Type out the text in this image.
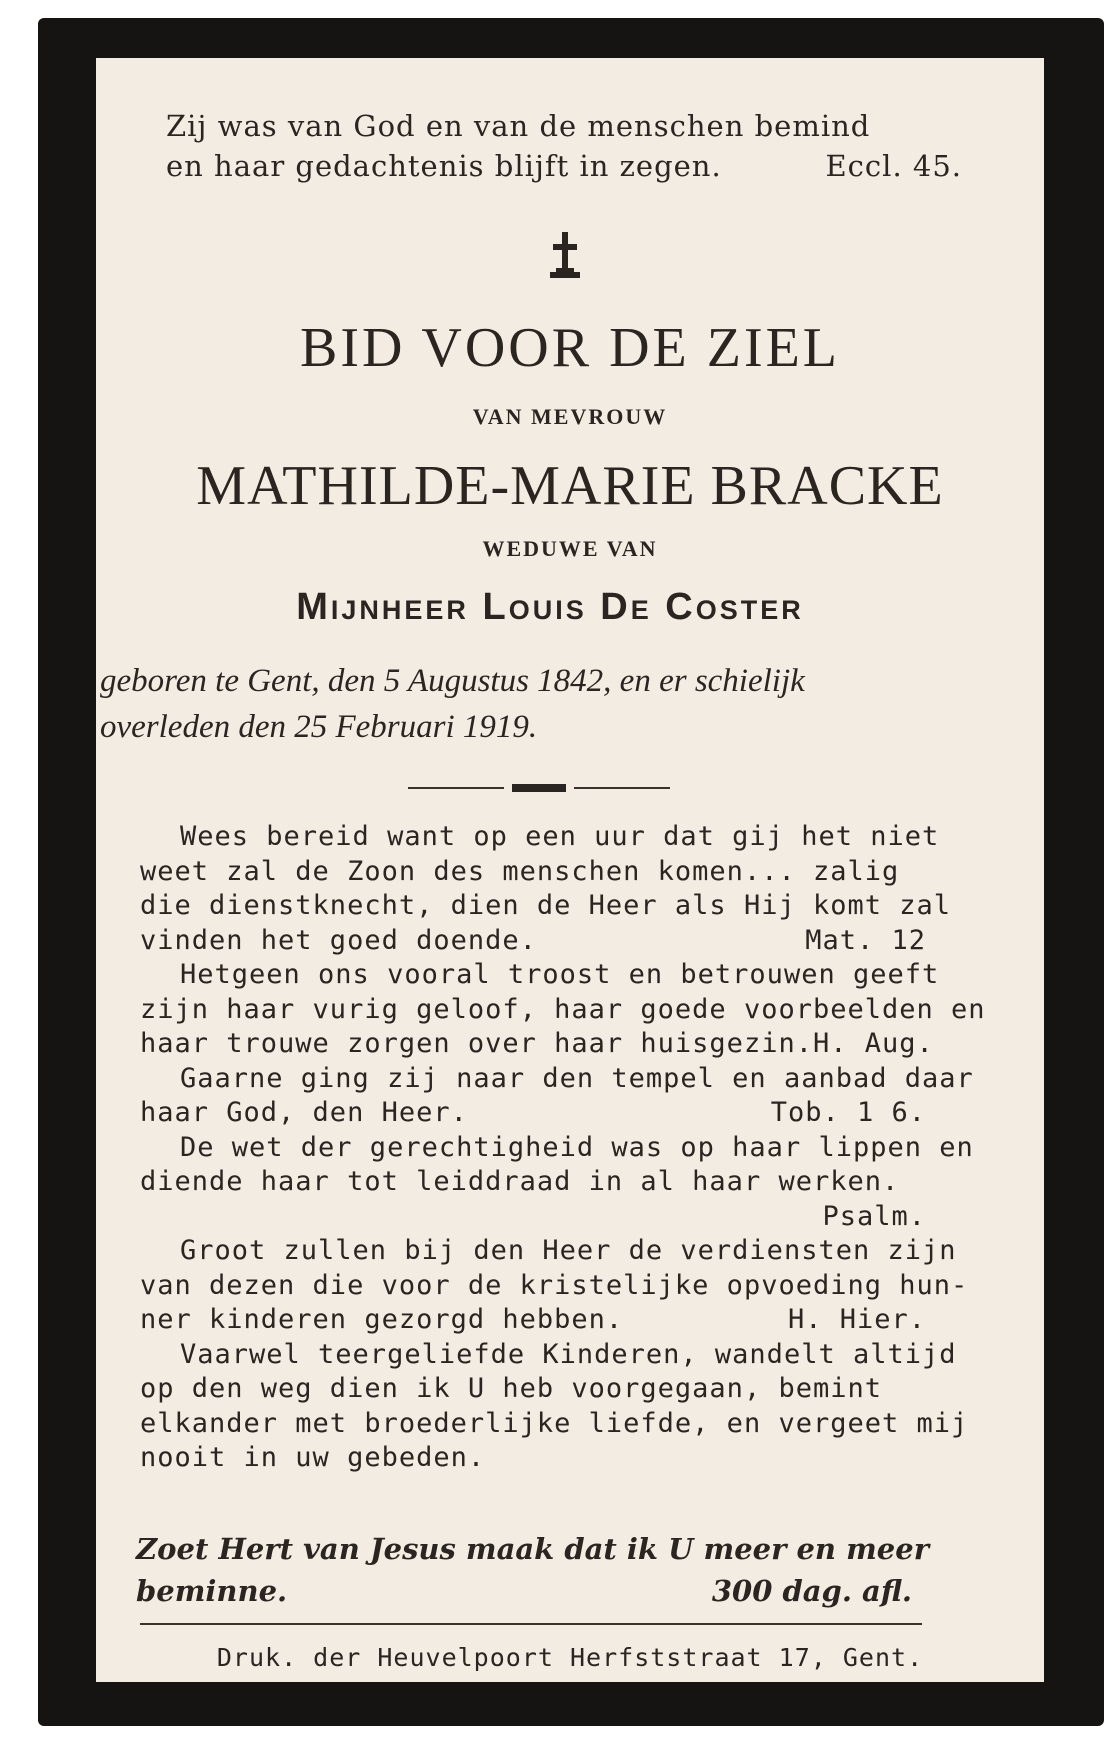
Zij was van God en van de menschen bemind
en haar gedachtenis blijft in zegen.	Eccl. 45.
BID VOOR DE ZIEL
VAN MEVROUW
MATHILDE-MARIE BRACKE
WEDUWE VAN
Mijnheer Louis De Coster
geboren te Gent, den 5 Augustus 1842, en er schielijk
overleden den 25 Februari 1919.
Wees bereid want op een uur dat gij het niet
weet zal de Zoon des menschen komen... zalig
die dienstknecht, dien de Heer als Hij komt zal
vinden het goed doende.	Mat. 12
Hetgeen ons vooral troost en betrouwen geeft
zijn haar vurig geloof, haar goede voorbeelden en
haar trouwe zorgen over haar huisgezin. H. Aug.
Gaarne ging zij naar den tempel en aanbad daar
haar God, den Heer.	Tob. 1 6.
De wet der gerechtigheid was op haar lippen en
diende haar tot leiddraad in al haar werken.
Psalm.
Groot zullen bij den Heer de verdiensten zijn
van dezen die voor de kristelijke opvoeding hun-
ner kinderen gezorgd hebben.	H. Hier.
Vaarwel teergeliefde Kinderen, wandelt altijd
op den weg dien ik U heb voorgegaan, bemint
elkander met broederlijke liefde, en vergeet mij
nooit in uw gebeden.
Zoet Hert van Jesus maak dat ik U meer en meer
beminne.	300 dag. afl.
Druk. der Heuvelpoort Herfststraat 17, Gent.
